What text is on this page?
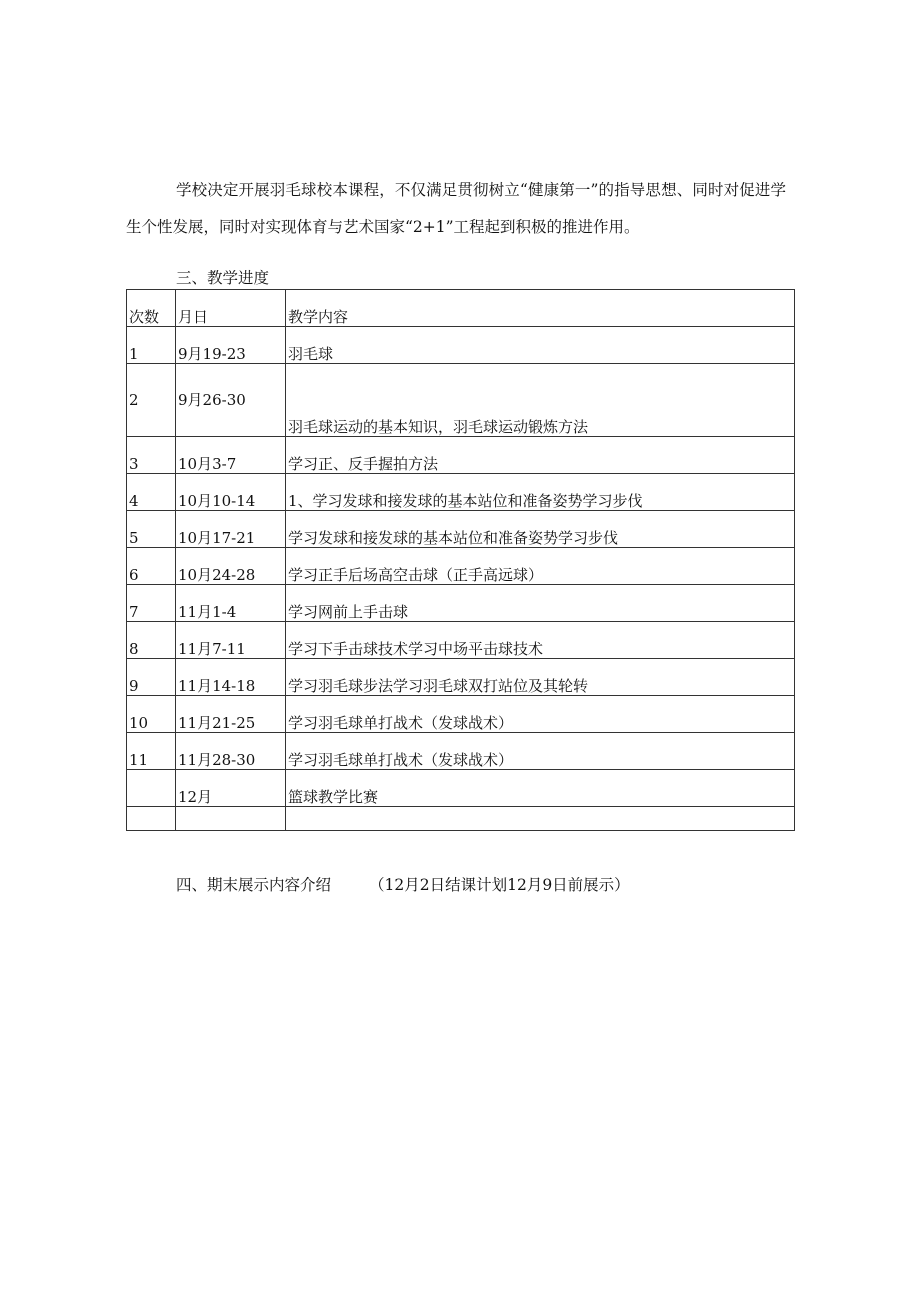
学校决定开展羽毛球校本课程，不仅满足贯彻树立“健康第一”的指导思想、同时对促进学生个性发展，同时对实现体育与艺术国家“2+1”工程起到积极的推进作用。

三、教学进度

次数	月日	教学内容
1	9月19-23	羽毛球
2	9月26-30	羽毛球运动的基本知识，羽毛球运动锻炼方法
3	10月3-7	学习正、反手握拍方法
4	10月10-14	1、学习发球和接发球的基本站位和准备姿势学习步伐
5	10月17-21	学习发球和接发球的基本站位和准备姿势学习步伐
6	10月24-28	学习正手后场高空击球（正手高远球）
7	11月1-4	学习网前上手击球
8	11月7-11	学习下手击球技术学习中场平击球技术
9	11月14-18	学习羽毛球步法学习羽毛球双打站位及其轮转
10	11月21-25	学习羽毛球单打战术（发球战术）
11	11月28-30	学习羽毛球单打战术（发球战术）
	12月	篮球教学比赛

四、期末展示内容介绍 （12月2日结课计划12月9日前展示）
